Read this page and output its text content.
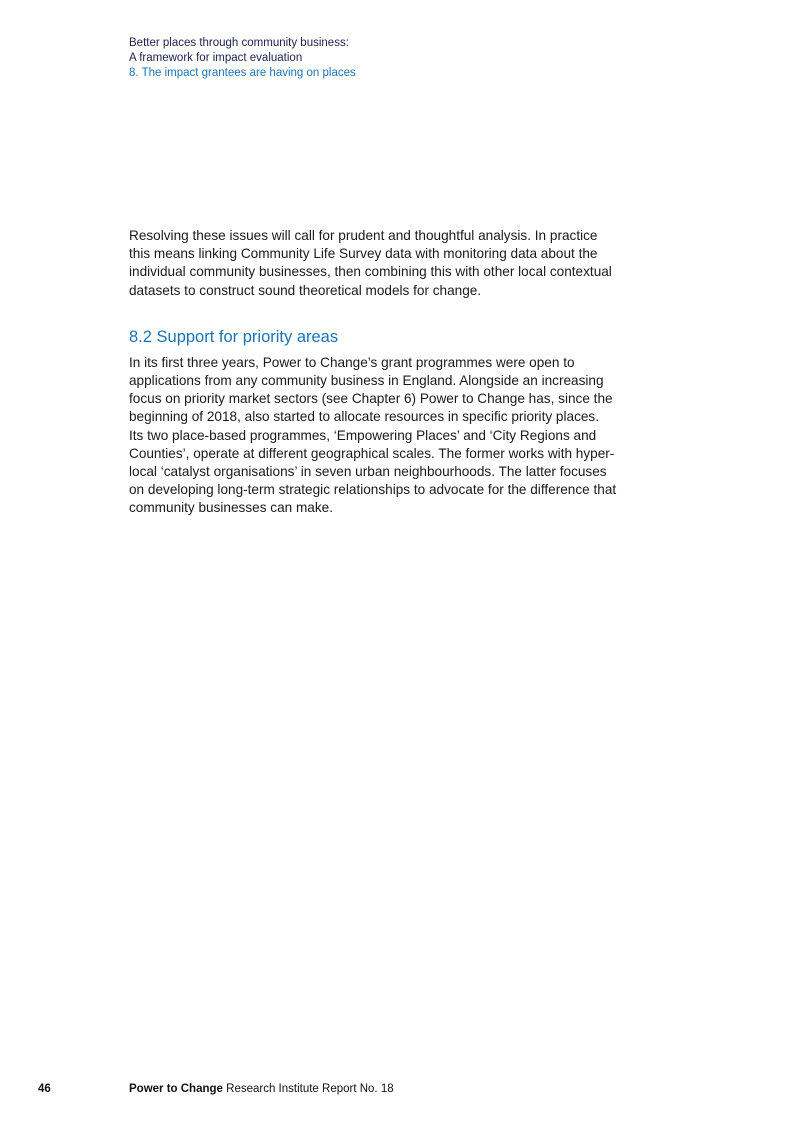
Better places through community business:
A framework for impact evaluation
8. The impact grantees are having on places

Resolving these issues will call for prudent and thoughtful analysis. In practice
this means linking Community Life Survey data with monitoring data about the
individual community businesses, then combining this with other local contextual
datasets to construct sound theoretical models for change.

8.2 Support for priority areas

In its first three years, Power to Change’s grant programmes were open to
applications from any community business in England. Alongside an increasing
focus on priority market sectors (see Chapter 6) Power to Change has, since the
beginning of 2018, also started to allocate resources in specific priority places.
Its two place-based programmes, ‘Empowering Places’ and ‘City Regions and
Counties’, operate at different geographical scales. The former works with hyper-
local ‘catalyst organisations’ in seven urban neighbourhoods. The latter focuses
on developing long-term strategic relationships to advocate for the difference that
community businesses can make.

46	Power to Change Research Institute Report No. 18
